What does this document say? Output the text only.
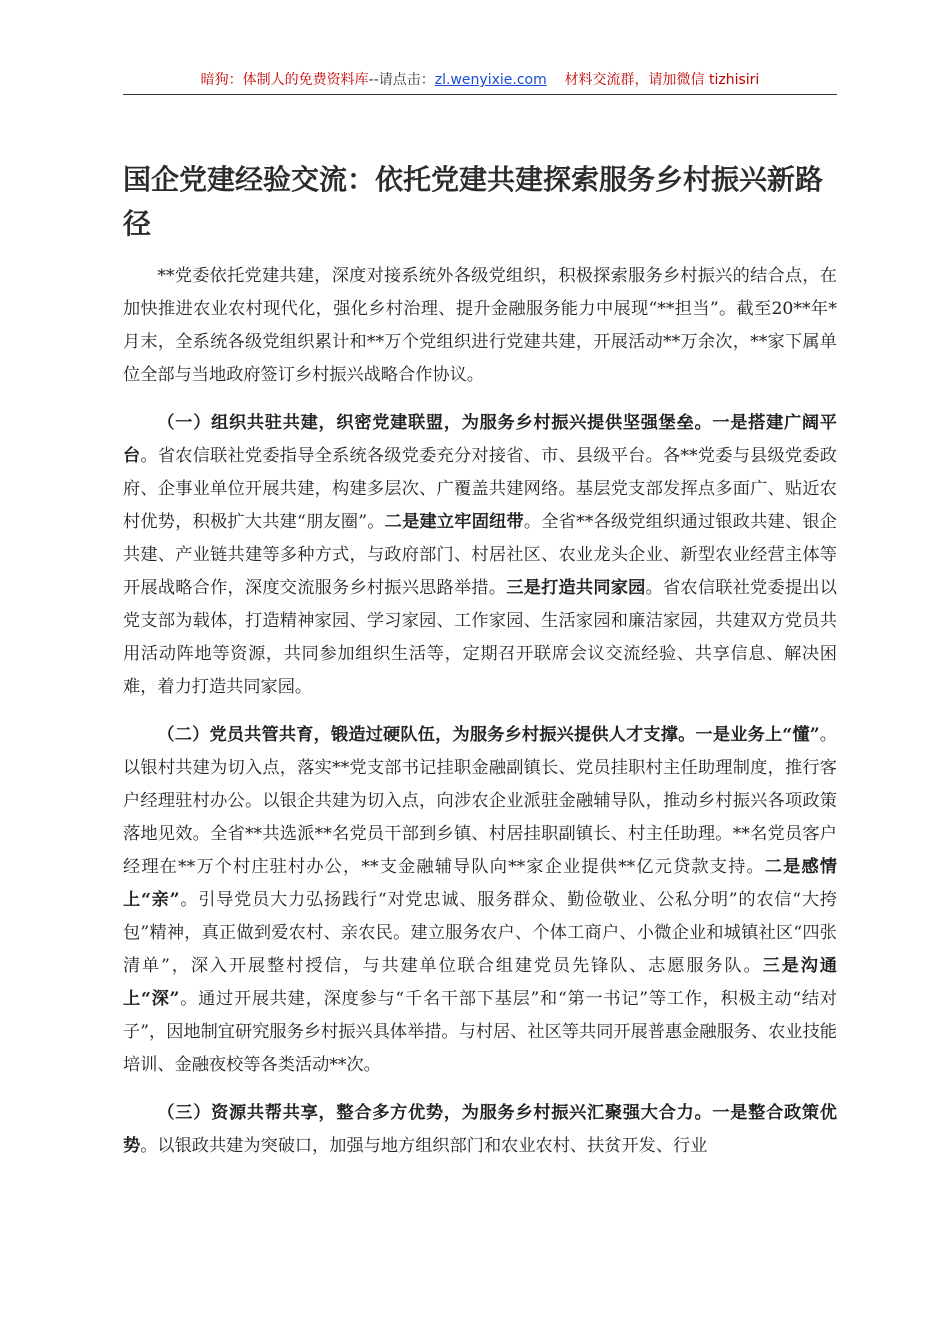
暗狗：体制人的免费资料库--请点击：zl.wenyixie.com 材料交流群，请加微信 tizhisiri
国企党建经验交流：依托党建共建探索服务乡村振兴新路径

**党委依托党建共建，深度对接系统外各级党组织，积极探索服务乡村振兴的结合点，在加快推进农业农村现代化，强化乡村治理、提升金融服务能力中展现“**担当”。截至20**年*月末，全系统各级党组织累计和**万个党组织进行党建共建，开展活动**万余次，**家下属单位全部与当地政府签订乡村振兴战略合作协议。

（一）组织共驻共建，织密党建联盟，为服务乡村振兴提供坚强堡垒。一是搭建广阔平台。省农信联社党委指导全系统各级党委充分对接省、市、县级平台。各**党委与县级党委政府、企事业单位开展共建，构建多层次、广覆盖共建网络。基层党支部发挥点多面广、贴近农村优势，积极扩大共建“朋友圈”。二是建立牢固纽带。全省**各级党组织通过银政共建、银企共建、产业链共建等多种方式，与政府部门、村居社区、农业龙头企业、新型农业经营主体等开展战略合作，深度交流服务乡村振兴思路举措。三是打造共同家园。省农信联社党委提出以党支部为载体，打造精神家园、学习家园、工作家园、生活家园和廉洁家园，共建双方党员共用活动阵地等资源，共同参加组织生活等，定期召开联席会议交流经验、共享信息、解决困难，着力打造共同家园。

（二）党员共管共育，锻造过硬队伍，为服务乡村振兴提供人才支撑。一是业务上“懂”。以银村共建为切入点，落实**党支部书记挂职金融副镇长、党员挂职村主任助理制度，推行客户经理驻村办公。以银企共建为切入点，向涉农企业派驻金融辅导队，推动乡村振兴各项政策落地见效。全省**共选派**名党员干部到乡镇、村居挂职副镇长、村主任助理。**名党员客户经理在**万个村庄驻村办公，**支金融辅导队向**家企业提供**亿元贷款支持。二是感情上“亲”。引导党员大力弘扬践行“对党忠诚、服务群众、勤俭敬业、公私分明”的农信“大挎包”精神，真正做到爱农村、亲农民。建立服务农户、个体工商户、小微企业和城镇社区“四张清单”，深入开展整村授信，与共建单位联合组建党员先锋队、志愿服务队。三是沟通上“深”。通过开展共建，深度参与“千名干部下基层”和“第一书记”等工作，积极主动“结对子”，因地制宜研究服务乡村振兴具体举措。与村居、社区等共同开展普惠金融服务、农业技能培训、金融夜校等各类活动**次。

（三）资源共帮共享，整合多方优势，为服务乡村振兴汇聚强大合力。一是整合政策优势。以银政共建为突破口，加强与地方组织部门和农业农村、扶贫开发、行业
